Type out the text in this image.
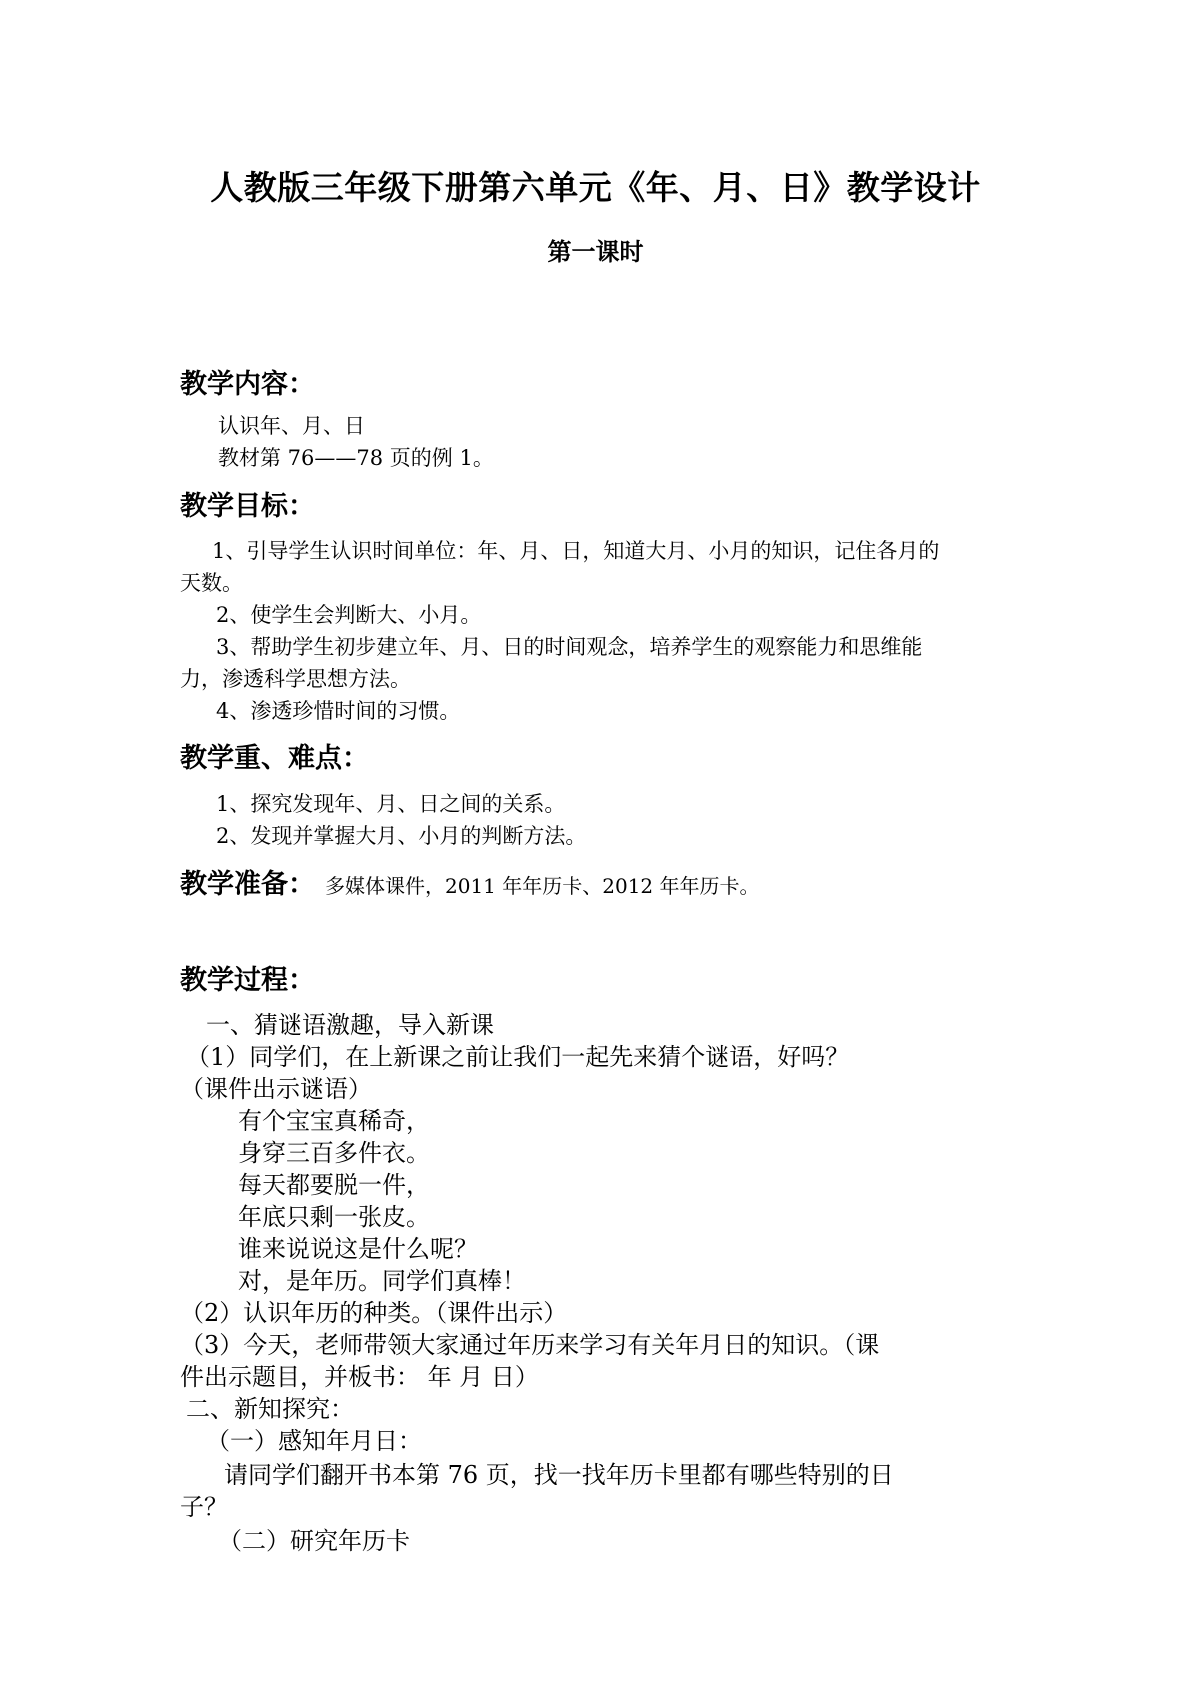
人教版三年级下册第六单元《年、月、日》教学设计
第一课时
教学内容：
认识年、月、日
教材第 76——78 页的例 1。
教学目标：
1、引导学生认识时间单位：年、月、日，知道大月、小月的知识，记住各月的
天数。
2、使学生会判断大、小月。
3、帮助学生初步建立年、月、日的时间观念，培养学生的观察能力和思维能
力，渗透科学思想方法。
4、渗透珍惜时间的习惯。
教学重、难点：
1、探究发现年、月、日之间的关系。
2、发现并掌握大月、小月的判断方法。
教学准备： 多媒体课件，2011 年年历卡、2012 年年历卡。
教学过程：
一、猜谜语激趣，导入新课
（1）同学们，在上新课之前让我们一起先来猜个谜语，好吗？
（课件出示谜语）
有个宝宝真稀奇，
身穿三百多件衣。
每天都要脱一件，
年底只剩一张皮。
谁来说说这是什么呢？
对，是年历。同学们真棒！
（2）认识年历的种类。（课件出示）
（3）今天，老师带领大家通过年历来学习有关年月日的知识。（课
件出示题目，并板书： 年 月 日）
二、新知探究：
（一）感知年月日：
请同学们翻开书本第 76 页，找一找年历卡里都有哪些特别的日
子？
（二）研究年历卡
